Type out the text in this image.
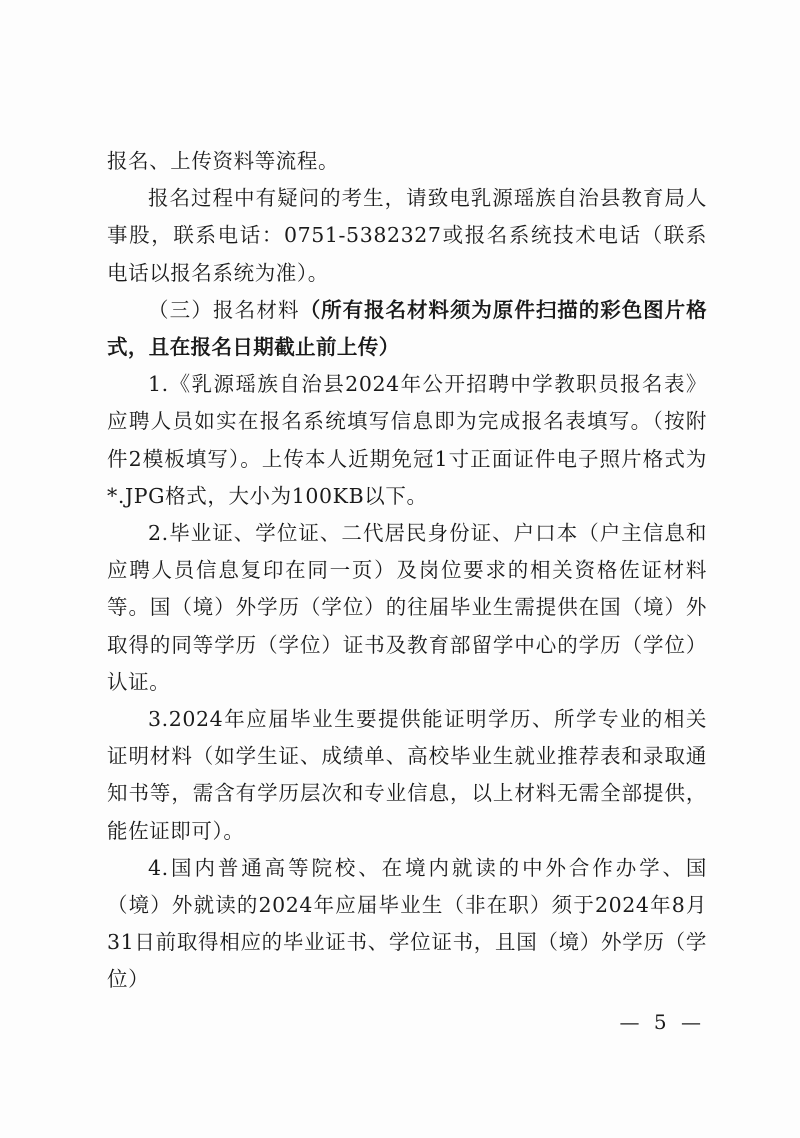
报名、上传资料等流程。

报名过程中有疑问的考生，请致电乳源瑶族自治县教育局人事股，联系电话：0751-5382327或报名系统技术电话（联系电话以报名系统为准）。

（三）报名材料（所有报名材料须为原件扫描的彩色图片格式，且在报名日期截止前上传）

1.《乳源瑶族自治县2024年公开招聘中学教职员报名表》应聘人员如实在报名系统填写信息即为完成报名表填写。（按附件2模板填写）。上传本人近期免冠1寸正面证件电子照片格式为*.JPG格式，大小为100KB以下。

2.毕业证、学位证、二代居民身份证、户口本（户主信息和应聘人员信息复印在同一页）及岗位要求的相关资格佐证材料等。国（境）外学历（学位）的往届毕业生需提供在国（境）外取得的同等学历（学位）证书及教育部留学中心的学历（学位）认证。

3.2024年应届毕业生要提供能证明学历、所学专业的相关证明材料（如学生证、成绩单、高校毕业生就业推荐表和录取通知书等，需含有学历层次和专业信息，以上材料无需全部提供，能佐证即可）。

4.国内普通高等院校、在境内就读的中外合作办学、国（境）外就读的2024年应届毕业生（非在职）须于2024年8月31日前取得相应的毕业证书、学位证书，且国（境）外学历（学位）

— 5 —
